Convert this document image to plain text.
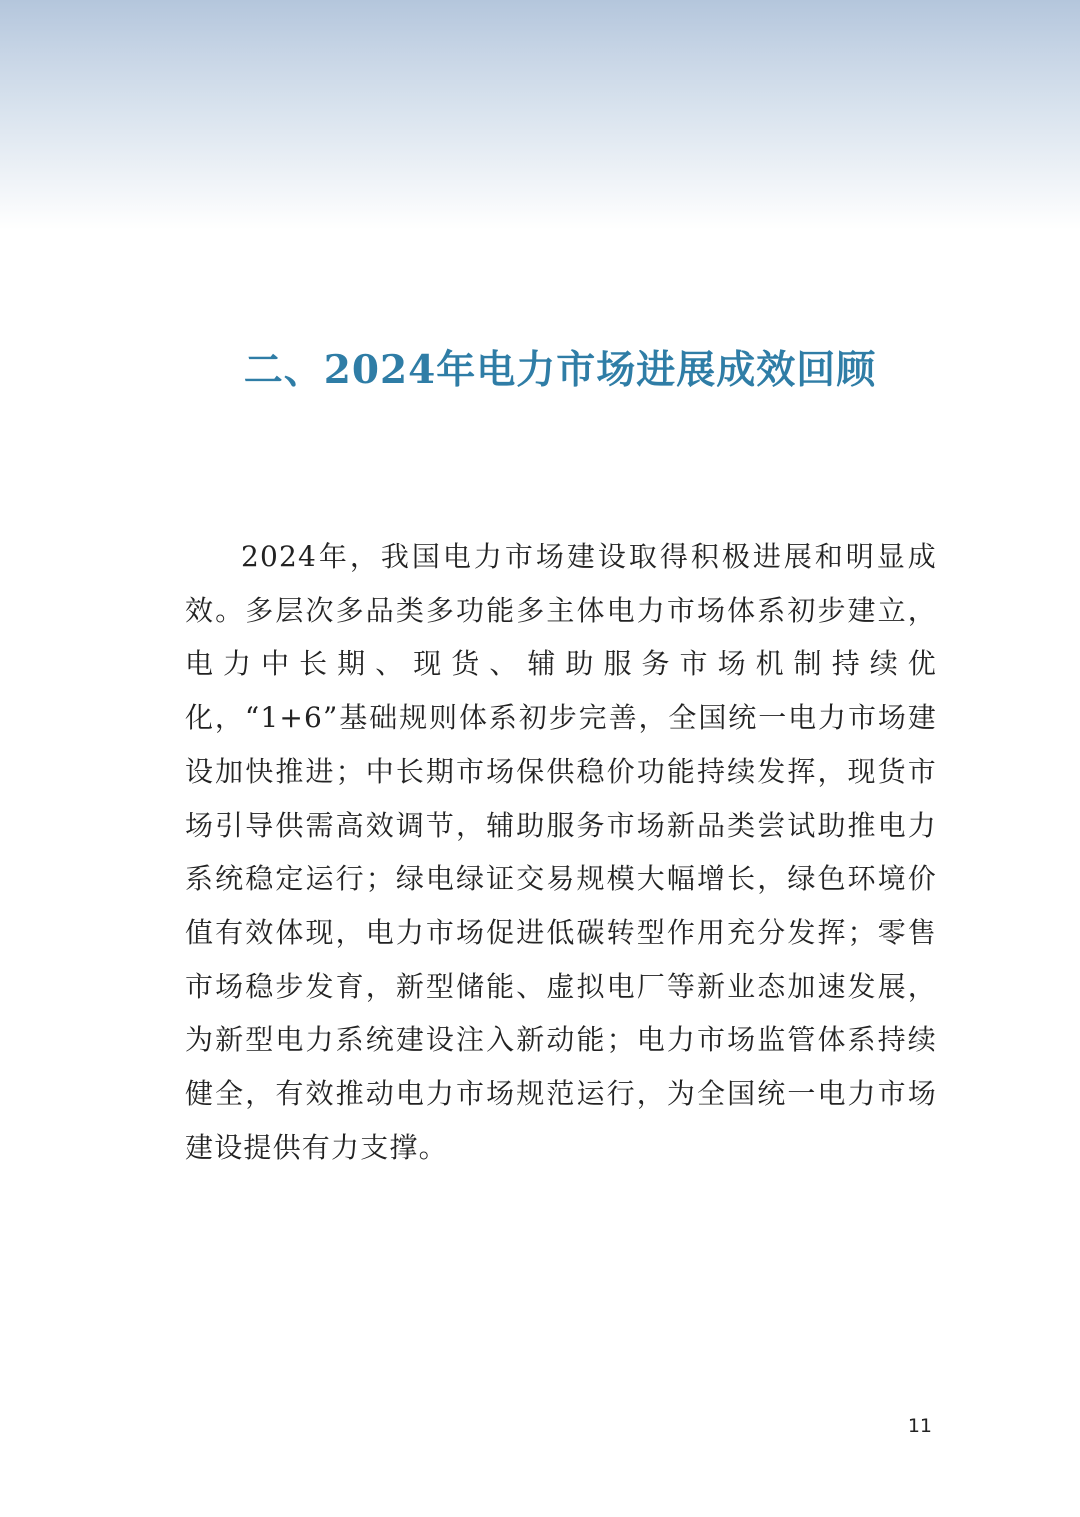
二、2024年电力市场进展成效回顾

2024年，我国电力市场建设取得积极进展和明显成效。多层次多品类多功能多主体电力市场体系初步建立，电力中长期、现货、辅助服务市场机制持续优化，“1+6”基础规则体系初步完善，全国统一电力市场建设加快推进；中长期市场保供稳价功能持续发挥，现货市场引导供需高效调节，辅助服务市场新品类尝试助推电力系统稳定运行；绿电绿证交易规模大幅增长，绿色环境价值有效体现，电力市场促进低碳转型作用充分发挥；零售市场稳步发育，新型储能、虚拟电厂等新业态加速发展，为新型电力系统建设注入新动能；电力市场监管体系持续健全，有效推动电力市场规范运行，为全国统一电力市场建设提供有力支撑。

11
